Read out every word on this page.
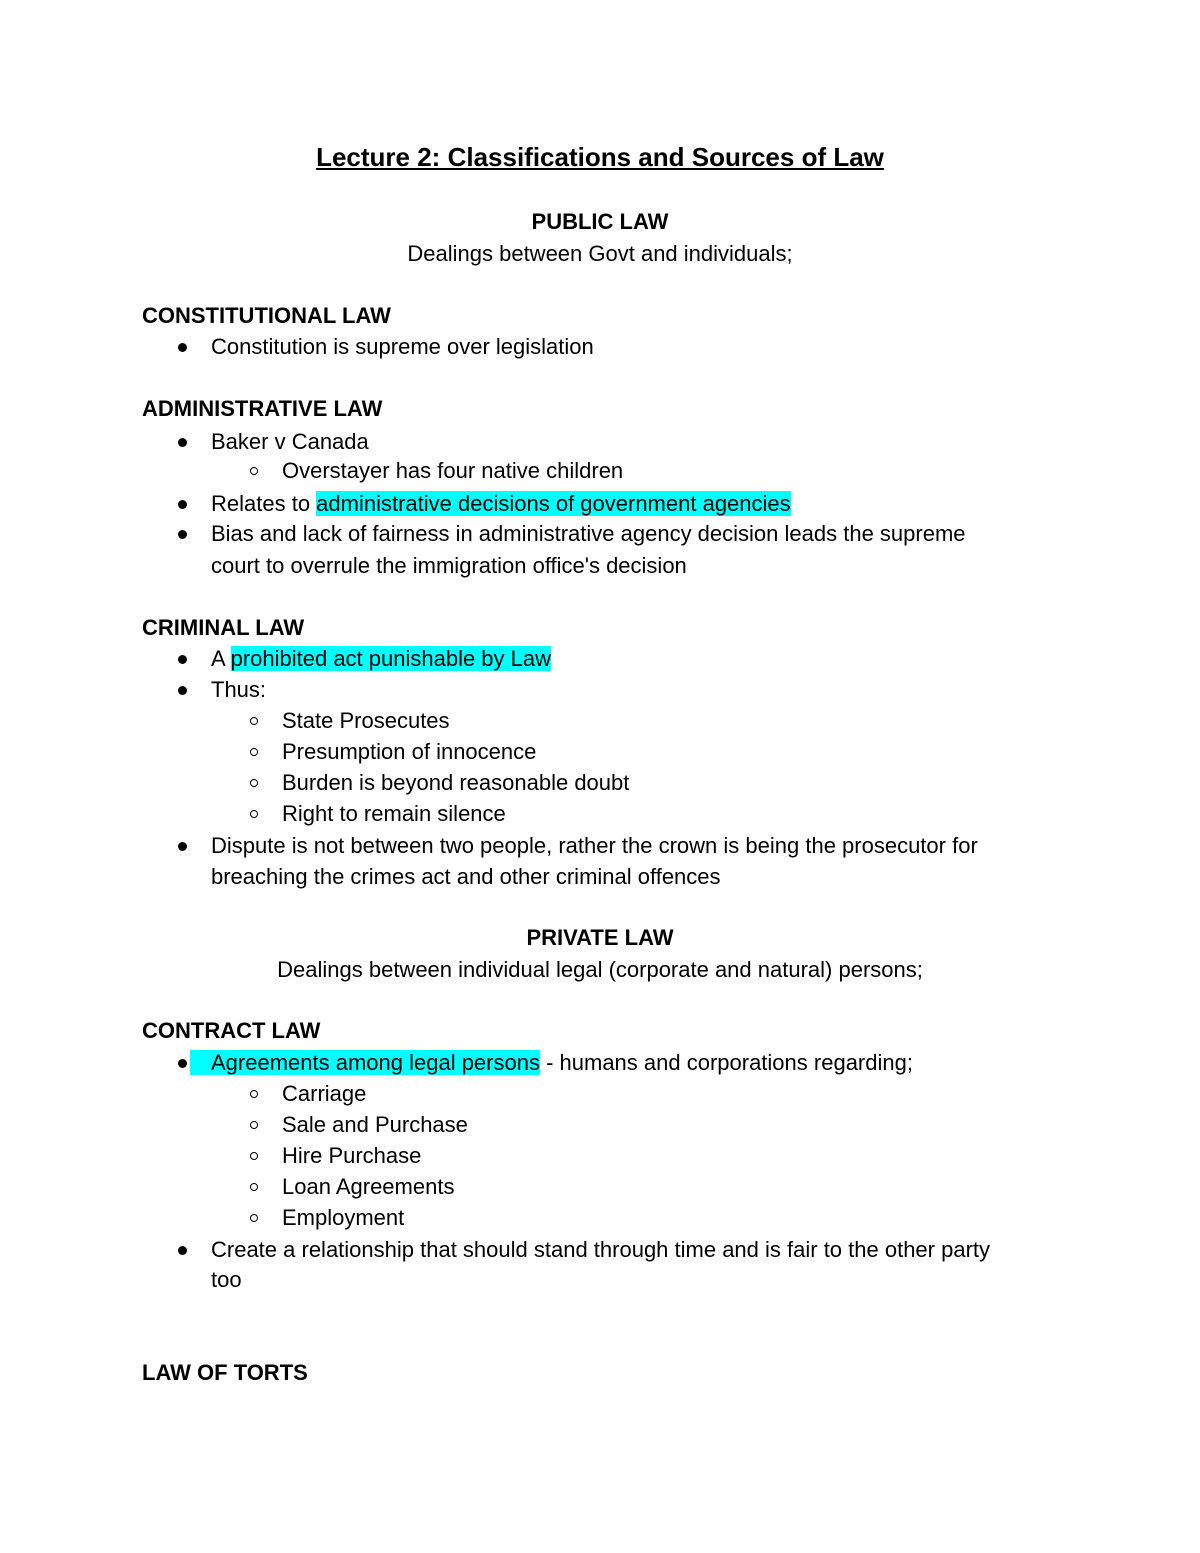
Lecture 2: Classifications and Sources of Law
PUBLIC LAW
Dealings between Govt and individuals;
CONSTITUTIONAL LAW
Constitution is supreme over legislation
ADMINISTRATIVE LAW
Baker v Canada
Overstayer has four native children
Relates to administrative decisions of government agencies
Bias and lack of fairness in administrative agency decision leads the supreme
court to overrule the immigration office's decision
CRIMINAL LAW
A prohibited act punishable by Law
Thus:
State Prosecutes
Presumption of innocence
Burden is beyond reasonable doubt
Right to remain silence
Dispute is not between two people, rather the crown is being the prosecutor for
breaching the crimes act and other criminal offences
PRIVATE LAW
Dealings between individual legal (corporate and natural) persons;
CONTRACT LAW
Agreements among legal persons - humans and corporations regarding;
Carriage
Sale and Purchase
Hire Purchase
Loan Agreements
Employment
Create a relationship that should stand through time and is fair to the other party
too
LAW OF TORTS
